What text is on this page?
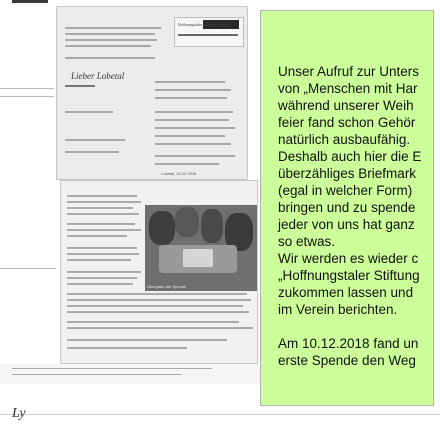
Hoffnungstaler Stiftung Lobetal
Lieber Lobetal
Lobetal, 20.12.2018
Übergabe der Spende
Unser Aufruf zur Unters
von „Menschen mit Har
während unserer Weih
feier fand schon Gehör
natürlich ausbaufähig.
Deshalb auch hier die E
überzähliges Briefmark
(egal in welcher Form)
bringen und zu spende
jeder von uns hat ganz
so etwas.
Wir werden es wieder c
„Hoffnungstaler Stiftung
zukommen lassen und
im Verein berichten.
Am 10.12.2018 fand un
erste Spende den Weg
Ly
